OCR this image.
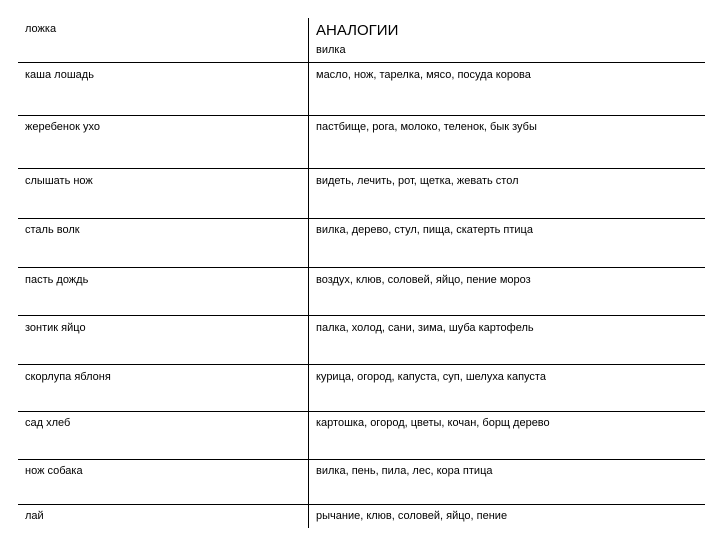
ложка	АНАЛОГИИ
вилка
каша лошадь	масло, нож, тарелка, мясо, посуда корова
жеребенок ухо	пастбище, рога, молоко, теленок, бык зубы
слышать нож	видеть, лечить, рот, щетка, жевать стол
сталь волк	вилка, дерево, стул, пища, скатерть птица
пасть дождь	воздух, клюв, соловей, яйцо, пение мороз
зонтик яйцо	палка, холод, сани, зима, шуба картофель
скорлупа яблоня	курица, огород, капуста, суп, шелуха капуста
сад хлеб	картошка, огород, цветы, кочан, борщ дерево
нож собака	вилка, пень, пила, лес, кора птица
лай	рычание, клюв, соловей, яйцо, пение
